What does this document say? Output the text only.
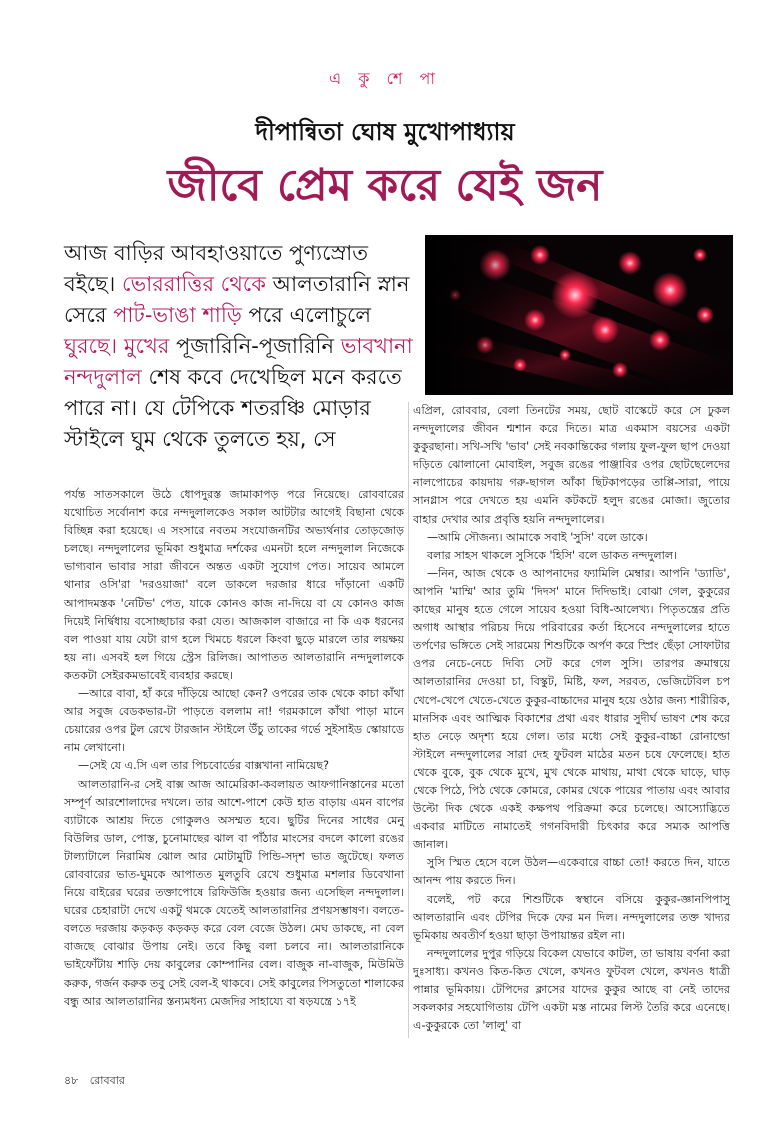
এ কু শে পা
দীপান্বিতা ঘোষ মুখোপাধ্যায়
জীবে প্রেম করে যেই জন
আজ বাড়ির আবহাওয়াতে পুণ্যস্রোত বইছে। ভোররাত্তির থেকে আলতারানি স্নান সেরে পাট-ভাঙা শাড়ি পরে এলোচুলে ঘুরছে। মুখের পূজারিনি-পূজারিনি ভাবখানা নন্দদুলাল শেষ কবে দেখেছিল মনে করতে পারে না। যে টেপিকে শতরঞ্চি মোড়ার স্টাইলে ঘুম থেকে তুলতে হয়, সে

পর্যন্ত সাতসকালে উঠে ধোপদুরস্ত জামাকাপড় পরে নিয়েছে। রোববারের যথোচিত সর্বোনাশ করে নন্দদুলালকেও সকাল আটটার আগেই বিছানা থেকে বিচ্ছিন্ন করা হয়েছে। এ সংসারে নবতম সংযোজনটির অভ্যর্থনার তোড়জোড় চলছে। নন্দদুলালের ভূমিকা শুধুমাত্র দর্শকের এমনটা হলে নন্দদুলাল নিজেকে ভাগ্যবান ভাবার সারা জীবনে অন্তত একটা সুযোগ পেত। সায়েব আমলে থানার ওসি'রা 'দরওয়াজা' বলে ডাকলে দরজার ধারে দাঁড়ানো একটি আপাদমস্তক 'নেটিভ' পেত, যাকে কোনও কাজ না-দিয়ে বা যে কোনও কাজ দিয়েই নির্দ্বিধায় বসোচ্ছাচার করা যেত। আজকাল বাজারে না কি এক ধরনের বল পাওয়া যায় যেটা রাগ হলে খিমচে ধরলে কিংবা ছুড়ে মারলে তার লয়ক্ষয় হয় না। এসবই হল গিয়ে স্ট্রেস রিলিজ। আপাতত আলতারানি নন্দদুলালকে কতকটা সেইরকমভাবেই ব্যবহার করছে।

—আরে বাবা, হাঁ করে দাঁড়িয়ে আছো কেন? ওপরের তাক থেকে কাচা কাঁথা আর সবুজ বেডকভার-টা পাড়তে বললাম না! গরমকালে কাঁথা পাড়া মানে চেয়ারের ওপর টুল রেখে টারজান স্টাইলে উঁচু তাকের গর্ভে সুইসাইড স্কোয়াডে নাম লেখানো।

—সেই যে এ.সি এল তার পিচবোর্ডের বাক্সখানা নামিয়েছ?

আলতারানি-র সেই বাক্স আজ আমেরিকা-কবলায়ত আফগানিস্তানের মতো সম্পূর্ণ আরশোলাদের দখলে। তার আশে-পাশে কেউ হাত বাড়ায় এমন বাপের ব্যাটাকে আশ্রয় দিতে গোকুলও অসম্মত হবে। ছুটির দিনের সাধের মেনু বিউলির ডাল, পোস্ত, চুনোমাছের ঝাল বা পাঁঠার মাংসের বদলে কালো রঙের টাল্যাটালে নিরামিষ ঝোল আর মোটামুটি পিন্ডি-সদৃশ ভাত জুটেছে। ফলত রোববারের ভাত-ঘুমকে আপাতত মুলতুবি রেখে শুধুমাত্র মশলার ডিবেখানা নিয়ে বাইরের ঘরের তক্তাপোষে রিফিউজি হওয়ার জন্য এসেছিল নন্দদুলাল। ঘরের চেহারাটা দেখে একটু থমকে যেতেই আলতারানির প্রণয়সম্ভাষণ। বলতে-বলতে দরজায় কড়কড় কড়কড় করে বেল বেজে উঠল। মেঘ ডাকছে, না বেল বাজছে বোঝার উপায় নেই। তবে কিছু বলা চলবে না। আলতারানিকে ভাইফোঁটায় শাড়ি দেয় কাবুলের কোম্পানির বেল। বাজুক না-বাজুক, মিউমিউ করুক, গর্জন করুক তবু সেই বেল-ই থাকবে। সেই কাবুলের পিসতুতো শালাকের বন্ধু আর আলতারানির স্তন্যমধন্য মেজদির সাহায্যে বা ষড়যন্ত্রে ১৭ই

এপ্রিল, রোববার, বেলা তিনটের সময়, ছোট বাস্কেটে করে সে ঢুকল নন্দদুলালের জীবন শ্মশান করে দিতে। মাত্র একমাস বয়সের একটা কুকুরছানা। সখি-সখি 'ভাব' সেই নবকান্তিকের গলায় ফুল-ফুল ছাপ দেওয়া দড়িতে ঝোলানো মোবাইল, সবুজ রঙের পাঞ্জাবির ওপর ছোটছেলেদের নালপোচের কায়দায় গরু-ছাগল আঁকা ছিটকাপড়ের তাপ্পি-সারা, পায়ে সানগ্লাস পরে দেখতে হয় এমনি কটকটে হলুদ রঙের মোজা। জুতোর বাহার দেখার আর প্রবৃত্তি হয়নি নন্দদুলালের।

—আমি সৌজন্য। আমাকে সবাই 'সুসি' বলে ডাকে।

বলার সাহস থাকলে সুসিকে 'হিসি' বলে ডাকত নন্দদুলাল।

—নিন, আজ থেকে ও আপনাদের ফ্যামিলি মেম্বার। আপনি 'ড্যাডি', আপনি 'মাম্মি' আর তুমি 'দিদস' মানে দিদিভাই। বোঝা গেল, কুকুরের কাছের মানুষ হতে গেলে সায়েব হওয়া বিধি-আলেখ্য। পিতৃতন্ত্রের প্রতি অগাধ আস্থার পরিচয় দিয়ে পরিবারের কর্তা হিসেবে নন্দদুলালের হাতে তর্পণের ভঙ্গিতে সেই সারমেয় শিশুটিকে অর্পণ করে স্প্রিং ছেঁড়া সোফাটার ওপর নেচে-নেচে দিব্যি সেট করে গেল সুসি। তারপর ক্রমান্বয়ে আলতারানির দেওয়া চা, বিস্কুট, মিষ্টি, ফল, সরবত, ভেজিটেবিল চপ খেপে-খেপে খেতে-খেতে কুকুর-বাচ্চাদের মানুষ হয়ে ওঠার জন্য শারীরিক, মানসিক এবং আত্মিক বিকাশের প্রথা এবং ধারার সুদীর্ঘ ভাষণ শেষ করে হাত নেড়ে অদৃশ্য হয়ে গেল। তার মধ্যে সেই কুকুর-বাচ্চা রোনাল্ডো স্টাইলে নন্দদুলালের সারা দেহ ফুটবল মাঠের মতন চষে ফেলেছে। হাত থেকে বুকে, বুক থেকে মুখে, মুখ থেকে মাথায়, মাথা থেকে ঘাড়ে, ঘাড় থেকে পিঠে, পিঠ থেকে কোমরে, কোমর থেকে পায়ের পাতায় এবং আবার উল্টো দিক থেকে একই কক্ষপথ পরিক্রমা করে চলেছে। আস্যোদ্ভিতে একবার মাটিতে নামাতেই গগনবিদারী চিৎকার করে সম্যক আপত্তি জানাল।

সুসি স্মিত হেসে বলে উঠল—একেবারে বাচ্চা তো! করতে দিন, যাতে আনন্দ পায় করতে দিন।

বলেই, পট করে শিশুটিকে স্বস্থানে বসিয়ে কুকুর-জ্ঞানপিপাসু আলতারানি এবং টেপির দিকে ফের মন দিল। নন্দদুলালের তক্ত খাদ্যর ভূমিকায় অবতীর্ণ হওয়া ছাড়া উপায়ান্তর রইল না।

নন্দদুলালের দুপুর গড়িয়ে বিকেল যেভাবে কাটল, তা ভাষায় বর্ণনা করা দুঃসাধ্য। কখনও কিত-কিত খেলে, কখনও ফুটবল খেলে, কখনও ধাত্রী পান্নার ভূমিকায়। টেপিদের ক্লাসের যাদের কুকুর আছে বা নেই তাদের সকলকার সহযোগিতায় টেপি একটা মস্ত নামের লিস্ট তৈরি করে এনেছে। এ-কুকুরকে তো 'লালু' বা

৪৮ রোববার
